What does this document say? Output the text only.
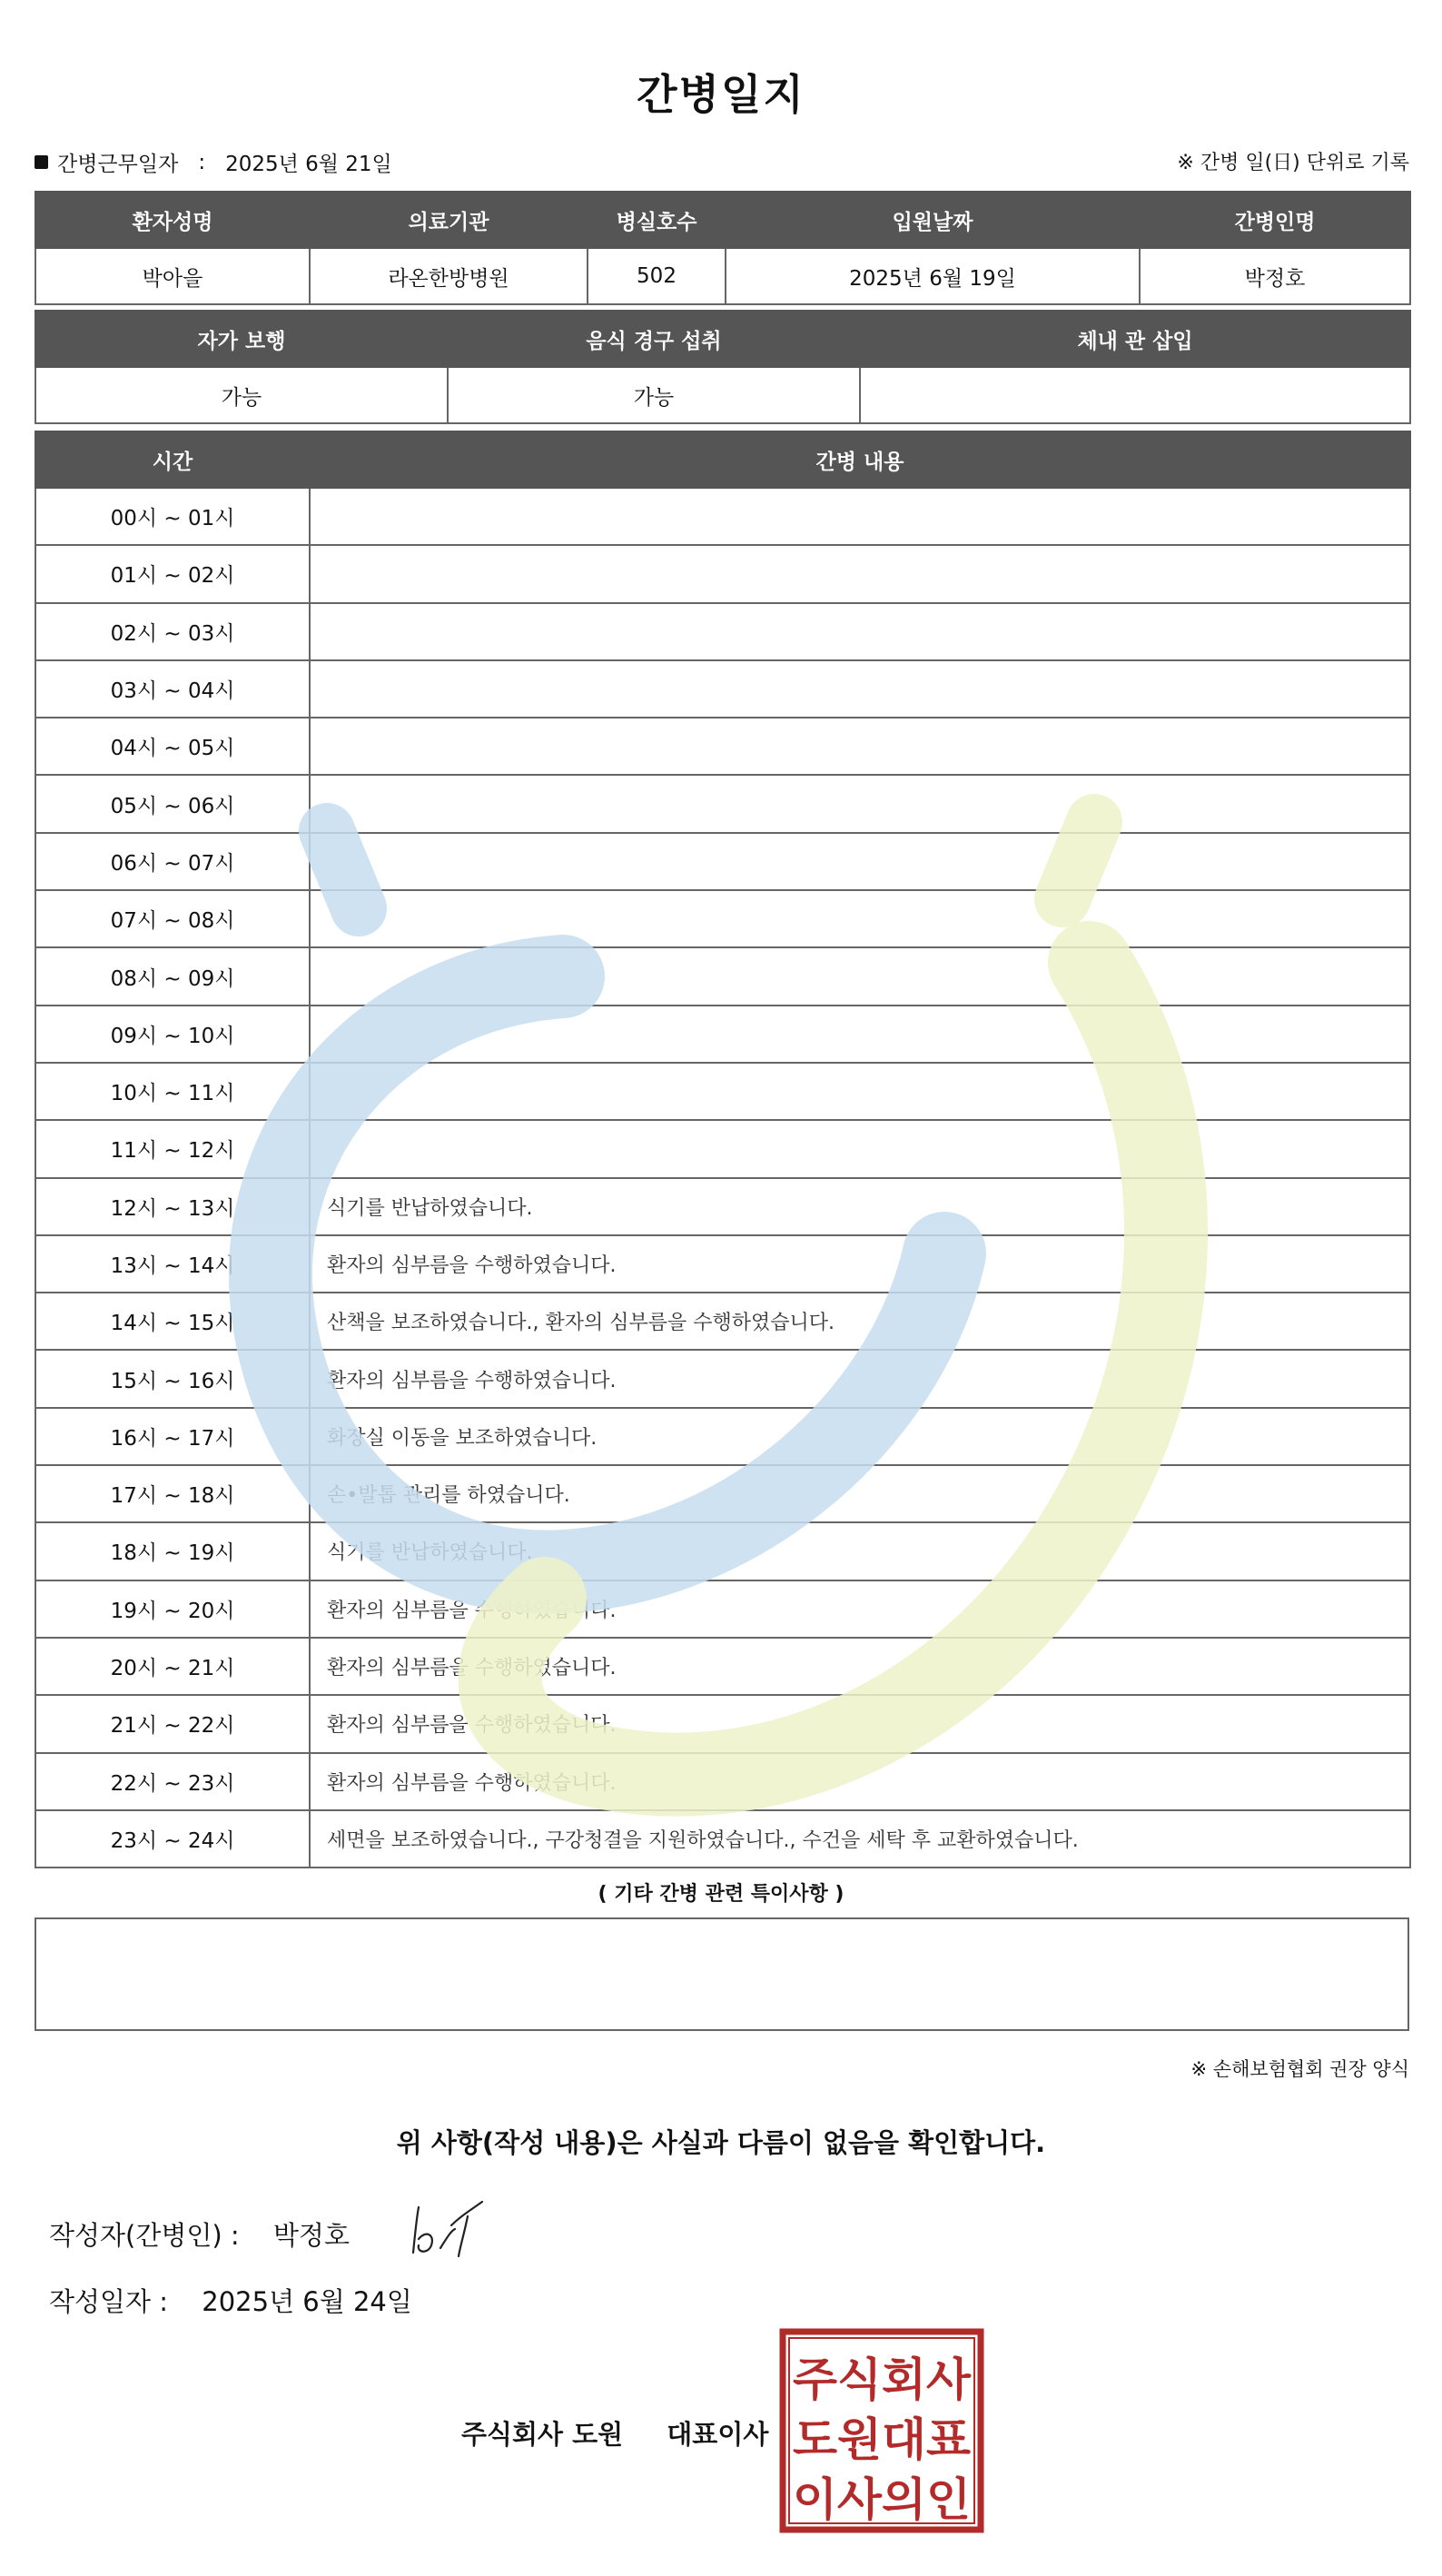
간병일지
간병근무일자 : 2025년 6월 21일	※ 간병 일(日) 단위로 기록
환자성명	의료기관	병실호수	입원날짜	간병인명
박아을	라온한방병원	502	2025년 6월 19일	박정호
자가 보행	음식 경구 섭취	체내 관 삽입
가능	가능	
시간	간병 내용
00시 ~ 01시	
01시 ~ 02시	
02시 ~ 03시	
03시 ~ 04시	
04시 ~ 05시	
05시 ~ 06시	
06시 ~ 07시	
07시 ~ 08시	
08시 ~ 09시	
09시 ~ 10시	
10시 ~ 11시	
11시 ~ 12시	
12시 ~ 13시	식기를 반납하였습니다.
13시 ~ 14시	환자의 심부름을 수행하였습니다.
14시 ~ 15시	산책을 보조하였습니다., 환자의 심부름을 수행하였습니다.
15시 ~ 16시	환자의 심부름을 수행하였습니다.
16시 ~ 17시	화장실 이동을 보조하였습니다.
17시 ~ 18시	손•발톱 관리를 하였습니다.
18시 ~ 19시	식기를 반납하였습니다.
19시 ~ 20시	환자의 심부름을 수행하였습니다.
20시 ~ 21시	환자의 심부름을 수행하였습니다.
21시 ~ 22시	환자의 심부름을 수행하였습니다.
22시 ~ 23시	환자의 심부름을 수행하였습니다.
23시 ~ 24시	세면을 보조하였습니다., 구강청결을 지원하였습니다., 수건을 세탁 후 교환하였습니다.
( 기타 간병 관련 특이사항 )
※ 손해보험협회 권장 양식
위 사항(작성 내용)은 사실과 다름이 없음을 확인합니다.
작성자(간병인) : 박정호
작성일자 : 2025년 6월 24일
주식회사 도원 대표이사
주식회사
도원대표
이사의인
